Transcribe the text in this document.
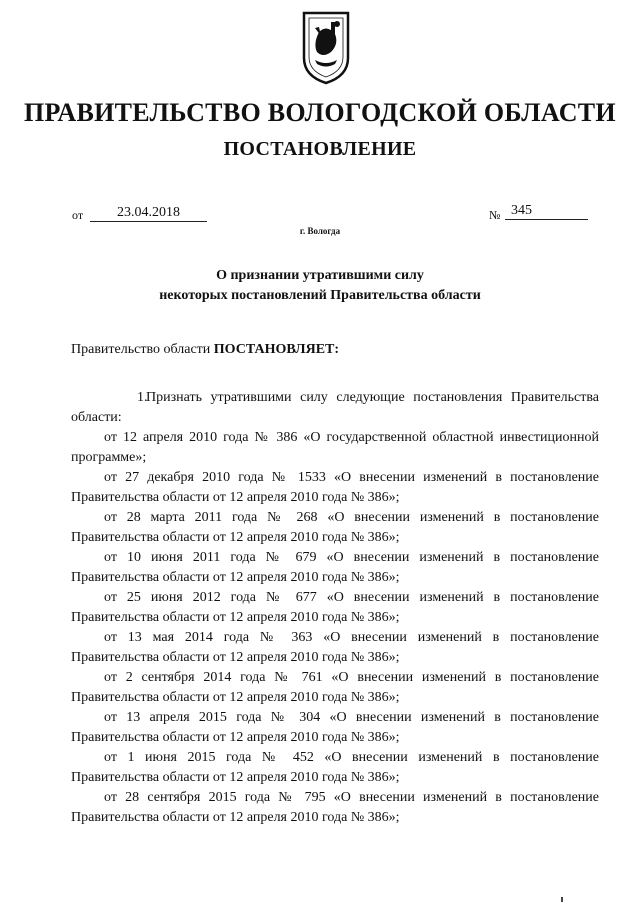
ПРАВИТЕЛЬСТВО ВОЛОГОДСКОЙ ОБЛАСТИ
ПОСТАНОВЛЕНИЕ
от	23.04.2018	№ 345
г. Вологда
О признании утратившими силу
некоторых постановлений Правительства области
Правительство области ПОСТАНОВЛЯЕТ:

1.Признать утратившими силу следующие постановления Правительства области:

от 12 апреля 2010 года № 386 «О государственной областной инвестиционной программе»;

от 27 декабря 2010 года № 1533 «О внесении изменений в постановление Правительства области от 12 апреля 2010 года № 386»;

от 28 марта 2011 года № 268 «О внесении изменений в постановление Правительства области от 12 апреля 2010 года № 386»;

от 10 июня 2011 года № 679 «О внесении изменений в постановление Правительства области от 12 апреля 2010 года № 386»;

от 25 июня 2012 года № 677 «О внесении изменений в постановление Правительства области от 12 апреля 2010 года № 386»;

от 13 мая 2014 года № 363 «О внесении изменений в постановление Правительства области от 12 апреля 2010 года № 386»;

от 2 сентября 2014 года № 761 «О внесении изменений в постановление Правительства области от 12 апреля 2010 года № 386»;

от 13 апреля 2015 года № 304 «О внесении изменений в постановление Правительства области от 12 апреля 2010 года № 386»;

от 1 июня 2015 года № 452 «О внесении изменений в постановление Правительства области от 12 апреля 2010 года № 386»;

от 28 сентября 2015 года № 795 «О внесении изменений в постановление Правительства области от 12 апреля 2010 года № 386»;
